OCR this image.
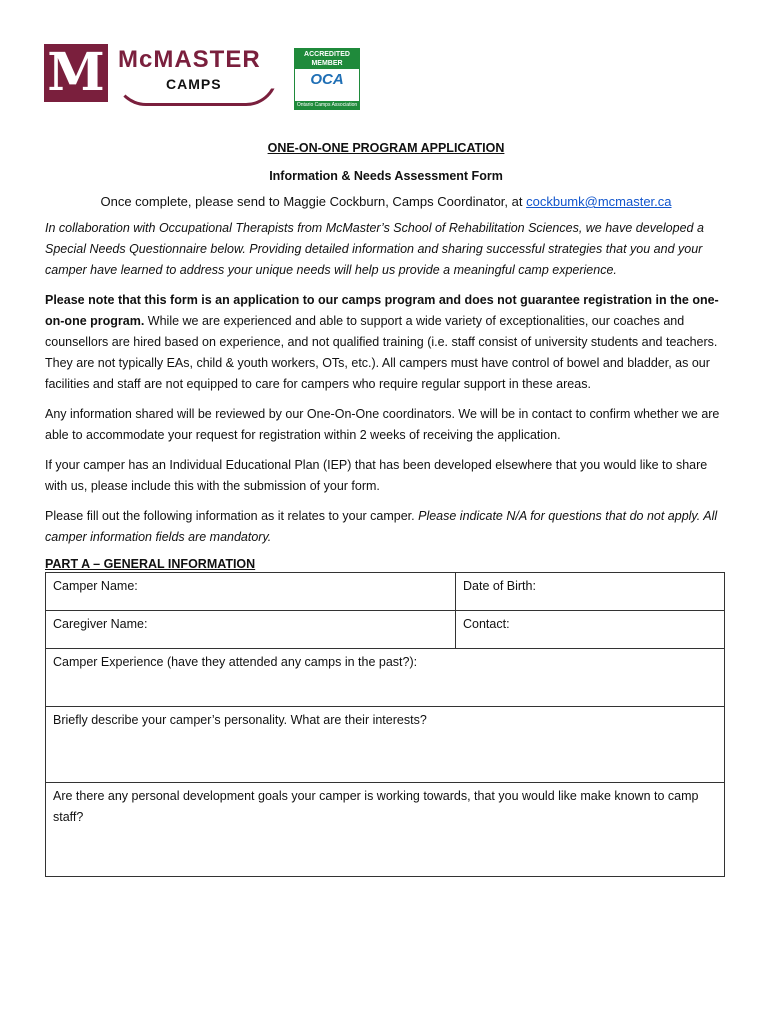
M McMASTER
CAMPS
ACCREDITED MEMBER
OCA
Ontario Camps Association
ONE-ON-ONE PROGRAM APPLICATION
Information & Needs Assessment Form
Once complete, please send to Maggie Cockburn, Camps Coordinator, at cockbumk@mcmaster.ca

In collaboration with Occupational Therapists from McMaster’s School of Rehabilitation Sciences, we have developed a Special Needs Questionnaire below. Providing detailed information and sharing successful strategies that you and your camper have learned to address your unique needs will help us provide a meaningful camp experience.

Please note that this form is an application to our camps program and does not guarantee registration in the one-on-one program. While we are experienced and able to support a wide variety of exceptionalities, our coaches and counsellors are hired based on experience, and not qualified training (i.e. staff consist of university students and teachers. They are not typically EAs, child & youth workers, OTs, etc.). All campers must have control of bowel and bladder, as our facilities and staff are not equipped to care for campers who require regular support in these areas.

Any information shared will be reviewed by our One-On-One coordinators. We will be in contact to confirm whether we are able to accommodate your request for registration within 2 weeks of receiving the application.

If your camper has an Individual Educational Plan (IEP) that has been developed elsewhere that you would like to share with us, please include this with the submission of your form.

Please fill out the following information as it relates to your camper. Please indicate N/A for questions that do not apply. All camper information fields are mandatory.

PART A – GENERAL INFORMATION
Camper Name:	Date of Birth:
Caregiver Name:	Contact:
Camper Experience (have they attended any camps in the past?):	
Briefly describe your camper’s personality. What are their interests?	
Are there any personal development goals your camper is working towards, that you would like make known to camp staff?	
